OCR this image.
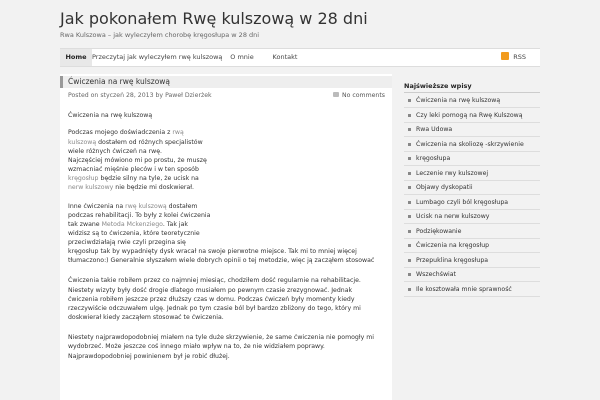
Jak pokonałem Rwę kulszową w 28 dni
Rwa Kulszowa – jak wyleczyłem chorobę kręgosłupa w 28 dni
Home Przeczytaj jak wyleczyłem rwę kulszową	O mnie	Kontakt	RSS
Ćwiczenia na rwę kulszową
Posted on styczeń 28, 2013 by Paweł Dzierżek	No comments
Ćwiczenia na rwę kulszową
Podczas mojego doświadczenia z rwą
kulszową dostałem od różnych specjalistów
wiele różnych ćwiczeń na rwę.
Najczęściej mówiono mi po prostu, że muszę
wzmacniać mięśnie pleców i w ten sposób
kręgosłup będzie silny na tyle, że ucisk na
nerw kulszowy nie będzie mi doskwierał.
Inne ćwiczenia na rwę kulszową dostałem
podczas rehabilitacji. To były z kolei ćwiczenia
tak zwane Metoda Mckenziego. Tak jak
widzisz są to ćwiczenia, które teoretycznie
przeciwdziałają rwie czyli przegina się
kręgosłup tak by wypadnięty dysk wracał na swoje pierwotne miejsce. Tak mi to mniej więcej
tłumaczono:) Generalnie słyszałem wiele dobrych opinii o tej metodzie, więc ją zacząłem stosować
Ćwiczenia takie robiłem przez co najmniej miesiąc, chodziłem dość regularnie na rehabilitacje.
Niestety wizyty były dość drogie dlatego musiałem po pewnym czasie zrezygnować. Jednak
ćwiczenia robiłem jeszcze przez dłuższy czas w domu. Podczas ćwiczeń były momenty kiedy
rzeczywiście odczuwałem ulgę. Jednak po tym czasie ból był bardzo zbliżony do tego, który mi
doskwierał kiedy zacząłem stosować te ćwiczenia.
Niestety najprawdopodobniej miałem na tyle duże skrzywienie, że same ćwiczenia nie pomogły mi
wydobrzeć. Może jeszcze coś innego miało wpływ na to, że nie widziałem poprawy.
Najprawdopodobniej powinienem był je robić dłużej.
Najświeższe wpisy
Ćwiczenia na rwę kulszową
Czy leki pomogą na Rwę Kulszową
Rwa Udowa
Ćwiczenia na skoliozę -skrzywienie
kręgosłupa
Leczenie rwy kulszowej
Objawy dyskopatii
Lumbago czyli ból kręgosłupa
Ucisk na nerw kulszowy
Podziękowanie
Ćwiczenia na kręgosłup
Przepuklina kręgosłupa
Wszechświat
Ile kosztowała mnie sprawność
